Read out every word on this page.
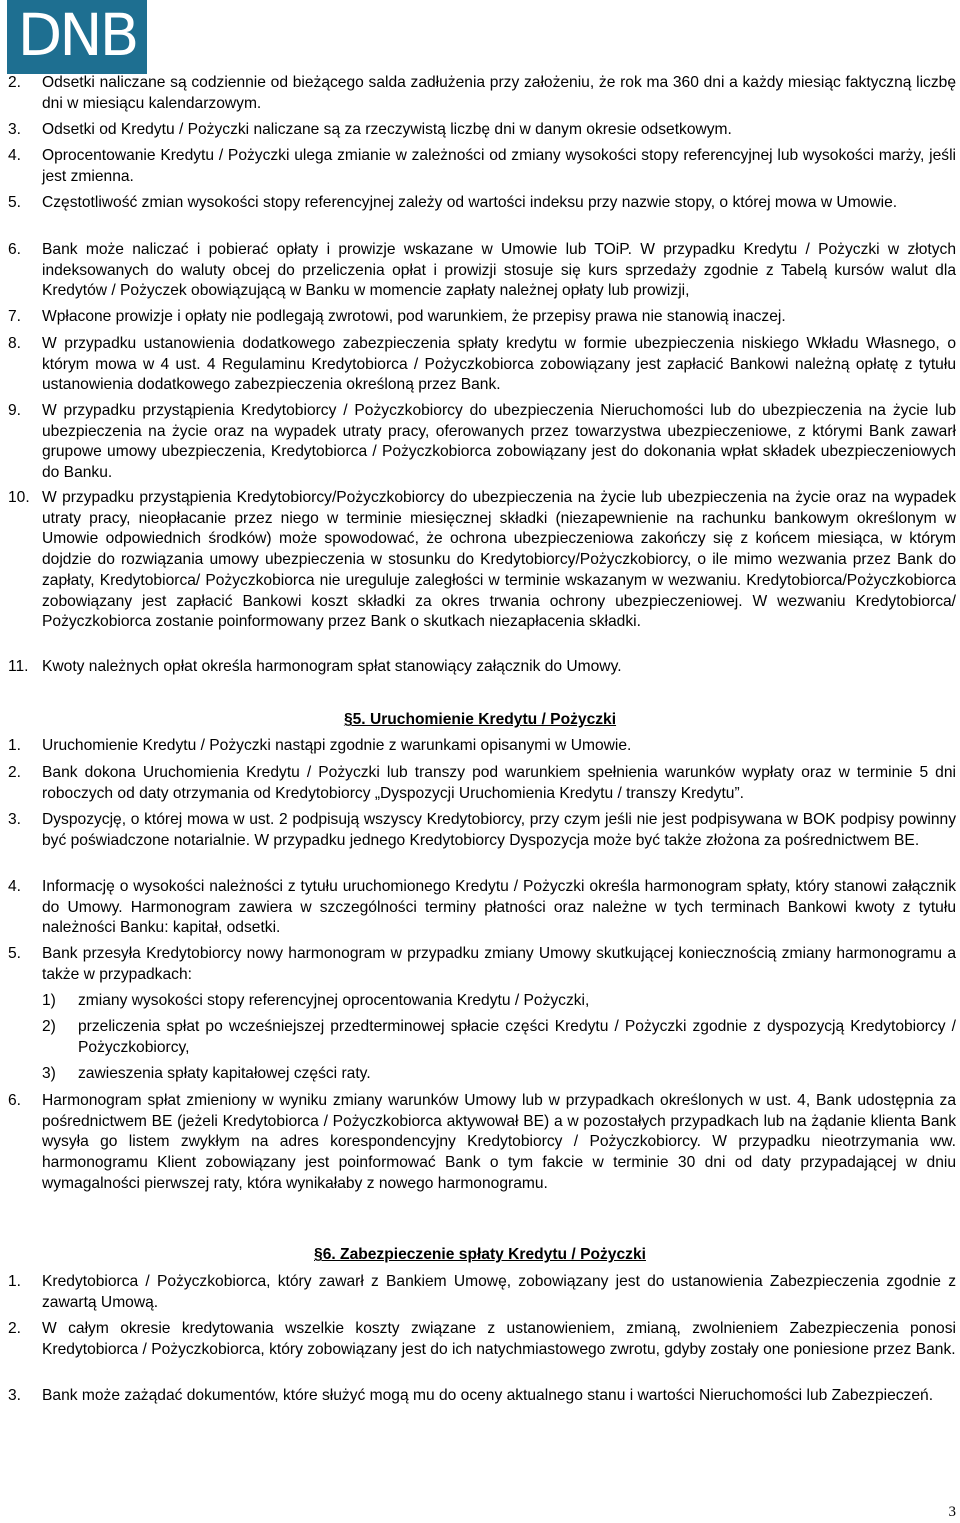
DNB
2. Odsetki naliczane są codziennie od bieżącego salda zadłużenia przy założeniu, że rok ma 360 dni a każdy miesiąc faktyczną liczbę dni w miesiącu kalendarzowym.
3. Odsetki od Kredytu / Pożyczki naliczane są za rzeczywistą liczbę dni w danym okresie odsetkowym.
4. Oprocentowanie Kredytu / Pożyczki ulega zmianie w zależności od zmiany wysokości stopy referencyjnej lub wysokości marży, jeśli jest zmienna.
5. Częstotliwość zmian wysokości stopy referencyjnej zależy od wartości indeksu przy nazwie stopy, o której mowa w Umowie.
6. Bank może naliczać i pobierać opłaty i prowizje wskazane w Umowie lub TOiP. W przypadku Kredytu / Pożyczki w złotych indeksowanych do waluty obcej do przeliczenia opłat i prowizji stosuje się kurs sprzedaży zgodnie z Tabelą kursów walut dla Kredytów / Pożyczek obowiązującą w Banku w momencie zapłaty należnej opłaty lub prowizji,
7. Wpłacone prowizje i opłaty nie podlegają zwrotowi, pod warunkiem, że przepisy prawa nie stanowią inaczej.
8. W przypadku ustanowienia dodatkowego zabezpieczenia spłaty kredytu w formie ubezpieczenia niskiego Wkładu Własnego, o którym mowa w 4 ust. 4 Regulaminu Kredytobiorca / Pożyczkobiorca zobowiązany jest zapłacić Bankowi należną opłatę z tytułu ustanowienia dodatkowego zabezpieczenia określoną przez Bank.
9. W przypadku przystąpienia Kredytobiorcy / Pożyczkobiorcy do ubezpieczenia Nieruchomości lub do ubezpieczenia na życie lub ubezpieczenia na życie oraz na wypadek utraty pracy, oferowanych przez towarzystwa ubezpieczeniowe, z którymi Bank zawarł grupowe umowy ubezpieczenia, Kredytobiorca / Pożyczkobiorca zobowiązany jest do dokonania wpłat składek ubezpieczeniowych do Banku.
10. W przypadku przystąpienia Kredytobiorcy/Pożyczkobiorcy do ubezpieczenia na życie lub ubezpieczenia na życie oraz na wypadek utraty pracy, nieopłacanie przez niego w terminie miesięcznej składki (niezapewnienie na rachunku bankowym określonym w Umowie odpowiednich środków) może spowodować, że ochrona ubezpieczeniowa zakończy się z końcem miesiąca, w którym dojdzie do rozwiązania umowy ubezpieczenia w stosunku do Kredytobiorcy/Pożyczkobiorcy, o ile mimo wezwania przez Bank do zapłaty, Kredytobiorca/ Pożyczkobiorca nie ureguluje zaległości w terminie wskazanym w wezwaniu. Kredytobiorca/Pożyczkobiorca zobowiązany jest zapłacić Bankowi koszt składki za okres trwania ochrony ubezpieczeniowej. W wezwaniu Kredytobiorca/ Pożyczkobiorca zostanie poinformowany przez Bank o skutkach niezapłacenia składki.
11. Kwoty należnych opłat określa harmonogram spłat stanowiący załącznik do Umowy.
§5. Uruchomienie Kredytu / Pożyczki
1. Uruchomienie Kredytu / Pożyczki nastąpi zgodnie z warunkami opisanymi w Umowie.
2. Bank dokona Uruchomienia Kredytu / Pożyczki lub transzy pod warunkiem spełnienia warunków wypłaty oraz w terminie 5 dni roboczych od daty otrzymania od Kredytobiorcy „Dyspozycji Uruchomienia Kredytu / transzy Kredytu”.
3. Dyspozycję, o której mowa w ust. 2 podpisują wszyscy Kredytobiorcy, przy czym jeśli nie jest podpisywana w BOK podpisy powinny być poświadczone notarialnie. W przypadku jednego Kredytobiorcy Dyspozycja może być także złożona za pośrednictwem BE.
4. Informację o wysokości należności z tytułu uruchomionego Kredytu / Pożyczki określa harmonogram spłaty, który stanowi załącznik do Umowy. Harmonogram zawiera w szczególności terminy płatności oraz należne w tych terminach Bankowi kwoty z tytułu należności Banku: kapitał, odsetki.
5. Bank przesyła Kredytobiorcy nowy harmonogram w przypadku zmiany Umowy skutkującej koniecznością zmiany harmonogramu a także w przypadkach:
1) zmiany wysokości stopy referencyjnej oprocentowania Kredytu / Pożyczki,
2) przeliczenia spłat po wcześniejszej przedterminowej spłacie części Kredytu / Pożyczki zgodnie z dyspozycją Kredytobiorcy / Pożyczkobiorcy,
3) zawieszenia spłaty kapitałowej części raty.
6. Harmonogram spłat zmieniony w wyniku zmiany warunków Umowy lub w przypadkach określonych w ust. 4, Bank udostępnia za pośrednictwem BE (jeżeli Kredytobiorca / Pożyczkobiorca aktywował BE) a w pozostałych przypadkach lub na żądanie klienta Bank wysyła go listem zwykłym na adres korespondencyjny Kredytobiorcy / Pożyczkobiorcy. W przypadku nieotrzymania ww. harmonogramu Klient zobowiązany jest poinformować Bank o tym fakcie w terminie 30 dni od daty przypadającej w dniu wymagalności pierwszej raty, która wynikałaby z nowego harmonogramu.
§6. Zabezpieczenie spłaty Kredytu / Pożyczki
1. Kredytobiorca / Pożyczkobiorca, który zawarł z Bankiem Umowę, zobowiązany jest do ustanowienia Zabezpieczenia zgodnie z zawartą Umową.
2. W całym okresie kredytowania wszelkie koszty związane z ustanowieniem, zmianą, zwolnieniem Zabezpieczenia ponosi Kredytobiorca / Pożyczkobiorca, który zobowiązany jest do ich natychmiastowego zwrotu, gdyby zostały one poniesione przez Bank.
3. Bank może zażądać dokumentów, które służyć mogą mu do oceny aktualnego stanu i wartości Nieruchomości lub Zabezpieczeń.
3
